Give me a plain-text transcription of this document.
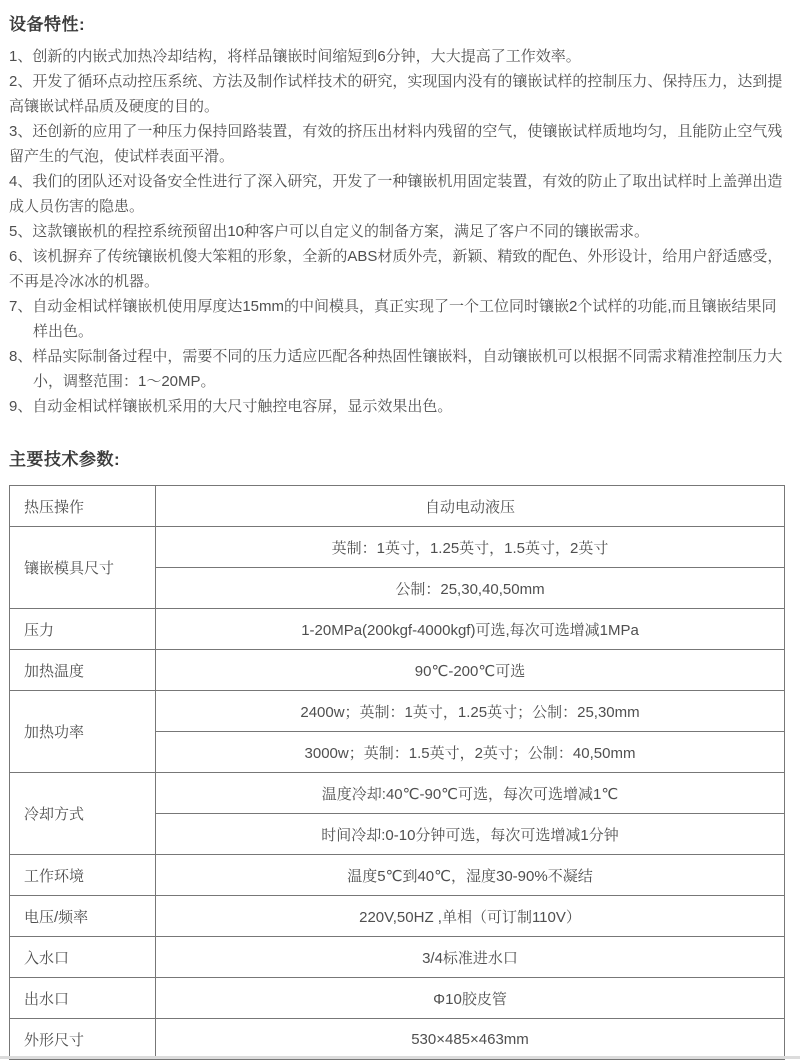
设备特性:

1、创新的内嵌式加热冷却结构，将样品镶嵌时间缩短到6分钟，大大提高了工作效率。

2、开发了循环点动控压系统、方法及制作试样技术的研究，实现国内没有的镶嵌试样的控制压力、保持压力，达到提高镶嵌试样品质及硬度的目的。

3、还创新的应用了一种压力保持回路装置，有效的挤压出材料内残留的空气，使镶嵌试样质地均匀，且能防止空气残留产生的气泡，使试样表面平滑。

4、我们的团队还对设备安全性进行了深入研究，开发了一种镶嵌机用固定装置，有效的防止了取出试样时上盖弹出造成人员伤害的隐患。

5、这款镶嵌机的程控系统预留出10种客户可以自定义的制备方案，满足了客户不同的镶嵌需求。

6、该机摒弃了传统镶嵌机傻大笨粗的形象，全新的ABS材质外壳，新颖、精致的配色、外形设计，给用户舒适感受，不再是冷冰冰的机器。

7、自动金相试样镶嵌机使用厚度达15mm的中间模具，真正实现了一个工位同时镶嵌2个试样的功能,而且镶嵌结果同样出色。

8、样品实际制备过程中，需要不同的压力适应匹配各种热固性镶嵌料，自动镶嵌机可以根据不同需求精准控制压力大小，调整范围：1～20MP。

9、自动金相试样镶嵌机采用的大尺寸触控电容屏，显示效果出色。

主要技术参数:
热压操作	自动电动液压
镶嵌模具尺寸	英制：1英寸，1.25英寸，1.5英寸，2英寸
	公制：25,30,40,50mm
压力	1-20MPa(200kgf-4000kgf)可选,每次可选增减1MPa
加热温度	90℃-200℃可选
加热功率	2400w；英制：1英寸，1.25英寸；公制：25,30mm
	3000w；英制：1.5英寸，2英寸；公制：40,50mm
冷却方式	温度冷却:40℃-90℃可选，每次可选增减1℃
	时间冷却:0-10分钟可选，每次可选增减1分钟
工作环境	温度5℃到40℃，湿度30-90%不凝结
电压/频率	220V,50HZ ,单相（可订制110V）
入水口	3/4标准进水口
出水口	Φ10胶皮管
外形尺寸	530×485×463mm
